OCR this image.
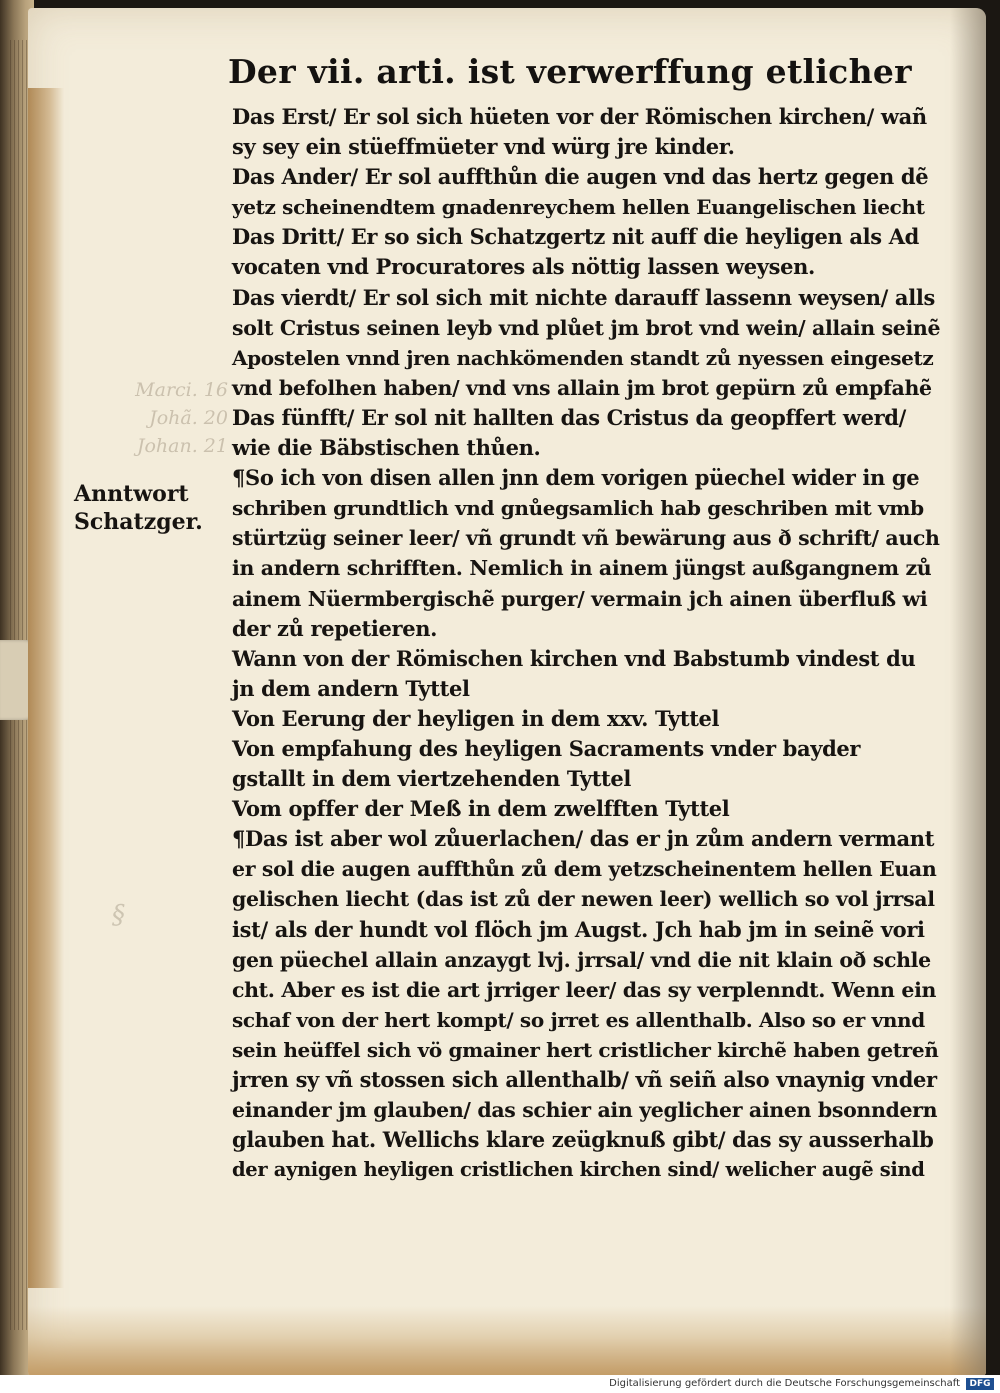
Der vii. arti. ist verwerffung etlicher
Marci. 16
Johã. 20
Johan. 21
§
Anntwort
Schatzger.
Das Erst/ Er sol sich hüeten vor der Römischen kirchen/ wañ
sy sey ein stüeffmüeter vnd würg jre kinder.
Das Ander/ Er sol auffthůn die augen vnd das hertz gegen dẽ
yetz scheinendtem gnadenreychem hellen Euangelischen liecht
Das Dritt/ Er so sich Schatzgertz nit auff die heyligen als Ad
vocaten vnd Procuratores als nöttig lassen weysen.
Das vierdt/ Er sol sich mit nichte darauff lassenn weysen/ alls
solt Cristus seinen leyb vnd plůet jm brot vnd wein/ allain seinẽ
Apostelen vnnd jren nachkömenden standt zů nyessen eingesetz
vnd befolhen haben/ vnd vns allain jm brot gepürn zů empfahẽ
Das fünfft/ Er sol nit hallten das Cristus da geopffert werd/
wie die Bäbstischen thůen.
¶So ich von disen allen jnn dem vorigen püechel wider in ge
schriben grundtlich vnd gnůegsamlich hab geschriben mit vmb
stürtzüg seiner leer/ vñ grundt vñ bewärung aus ð schrift/ auch
in andern schrifften. Nemlich in ainem jüngst außgangnem zů
ainem Nüermbergischẽ purger/ vermain jch ainen überfluß wi
der zů repetieren.
Wann von der Römischen kirchen vnd Babstumb vindest du
jn dem andern Tyttel
Von Eerung der heyligen in dem xxv. Tyttel
Von empfahung des heyligen Sacraments vnder bayder
gstallt in dem viertzehenden Tyttel
Vom opffer der Meß in dem zwelfften Tyttel
¶Das ist aber wol zůuerlachen/ das er jn zům andern vermant
er sol die augen auffthůn zů dem yetzscheinentem hellen Euan
gelischen liecht (das ist zů der newen leer) wellich so vol jrrsal
ist/ als der hundt vol flöch jm Augst. Jch hab jm in seinẽ vori
gen püechel allain anzaygt lvj. jrrsal/ vnd die nit klain oð schle
cht. Aber es ist die art jrriger leer/ das sy verplenndt. Wenn ein
schaf von der hert kompt/ so jrret es allenthalb. Also so er vnnd
sein heüffel sich vö gmainer hert cristlicher kirchẽ haben getreñ
jrren sy vñ stossen sich allenthalb/ vñ seiñ also vnaynig vnder
einander jm glauben/ das schier ain yeglicher ainen bsonndern
glauben hat. Wellichs klare zeügknuß gibt/ das sy ausserhalb
der aynigen heyligen cristlichen kirchen sind/ welicher augẽ sind
Digitalisierung gefördert durch die Deutsche Forschungsgemeinschaft	DFG
